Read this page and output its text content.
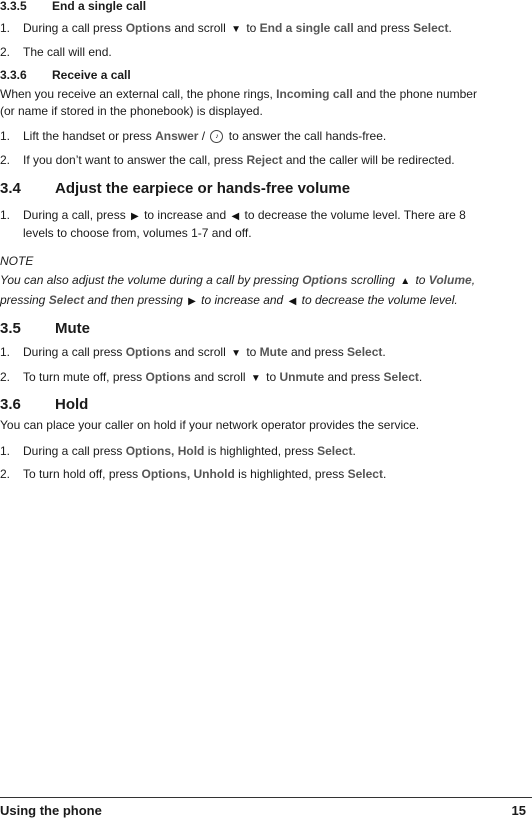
3.3.5 End a single call
1. During a call press Options and scroll ▼ to End a single call and press Select.
2. The call will end.
3.3.6 Receive a call
When you receive an external call, the phone rings, Incoming call and the phone number
(or name if stored in the phonebook) is displayed.
1. Lift the handset or press Answer / ♪ to answer the call hands-free.
2. If you don’t want to answer the call, press Reject and the caller will be redirected.
3.4 Adjust the earpiece or hands-free volume
1. During a call, press ▶ to increase and ◀ to decrease the volume level. There are 8
levels to choose from, volumes 1-7 and off.
NOTE
You can also adjust the volume during a call by pressing Options scrolling ▲ to Volume,
pressing Select and then pressing ▶ to increase and ◀ to decrease the volume level.
3.5 Mute
1. During a call press Options and scroll ▼ to Mute and press Select.
2. To turn mute off, press Options and scroll ▼ to Unmute and press Select.
3.6 Hold
You can place your caller on hold if your network operator provides the service.
1. During a call press Options, Hold is highlighted, press Select.
2. To turn hold off, press Options, Unhold is highlighted, press Select.
Using the phone	15
